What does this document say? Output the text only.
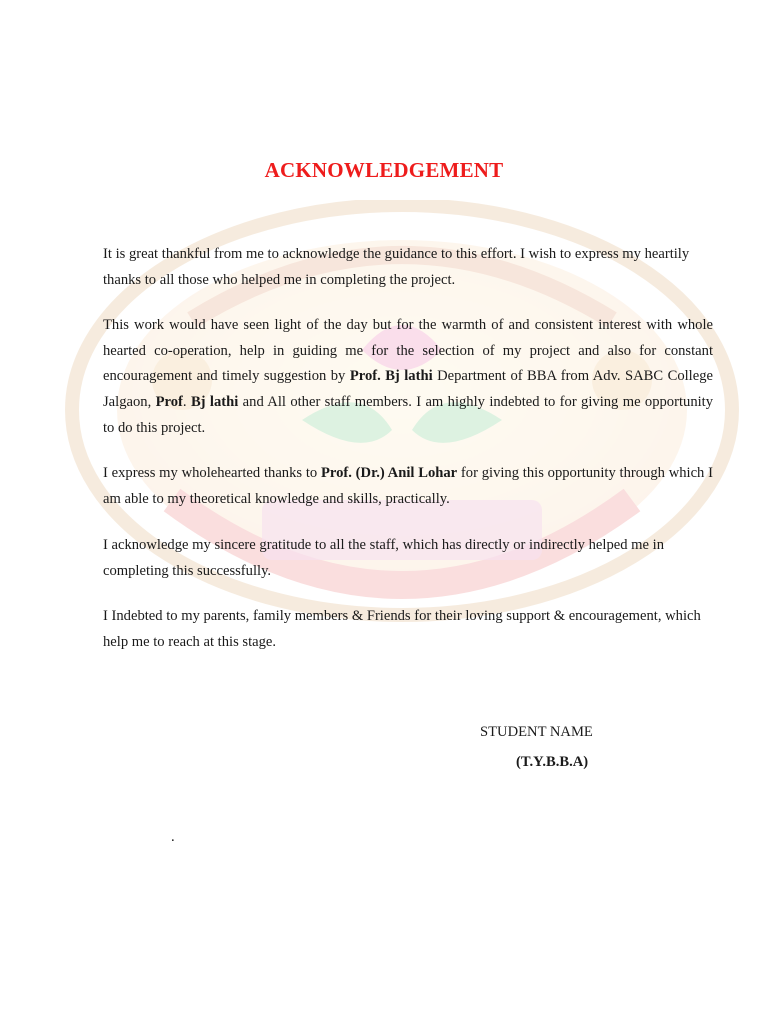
ACKNOWLEDGEMENT

It is great thankful from me to acknowledge the guidance to this effort. I wish to express my heartily thanks to all those who helped me in completing the project.

This work would have seen light of the day but for the warmth of and consistent interest with whole hearted co-operation, help in guiding me for the selection of my project and also for constant encouragement and timely suggestion by Prof. Bj lathi Department of BBA from Adv. SABC College Jalgaon, Prof. Bj lathi and All other staff members. I am highly indebted to for giving me opportunity to do this project.

I express my wholehearted thanks to Prof. (Dr.) Anil Lohar for giving this opportunity through which I am able to my theoretical knowledge and skills, practically.

I acknowledge my sincere gratitude to all the staff, which has directly or indirectly helped me in completing this successfully.

I Indebted to my parents, family members & Friends for their loving support & encouragement, which help me to reach at this stage.

STUDENT NAME
(T.Y.B.B.A)
.
